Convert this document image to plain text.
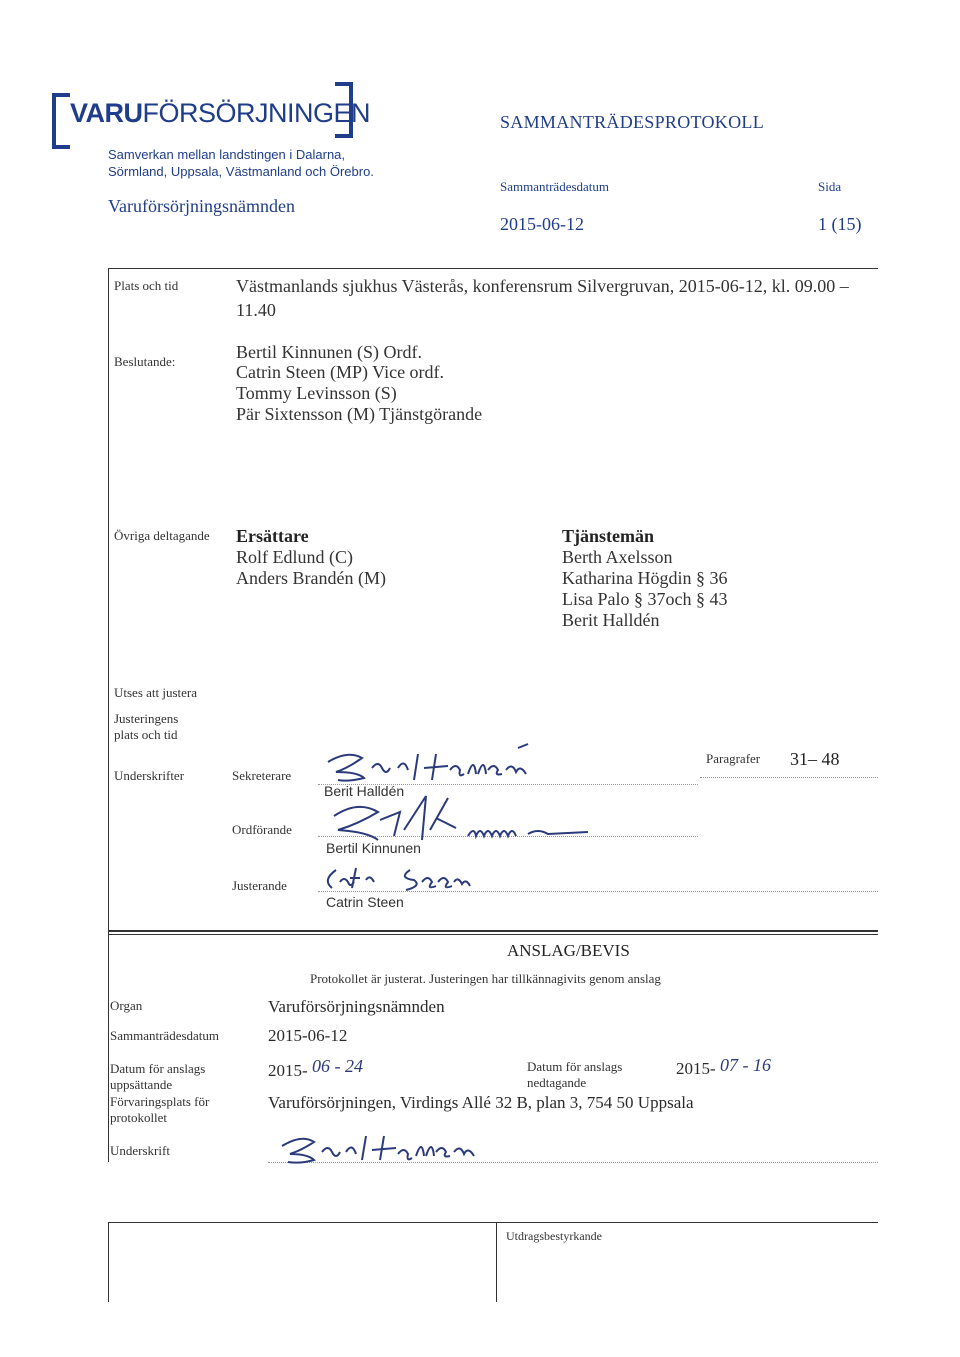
VARUFÖRSÖRJNINGEN
Samverkan mellan landstingen i Dalarna,
Sörmland, Uppsala, Västmanland och Örebro.
Varuförsörjningsnämnden
SAMMANTRÄDESPROTOKOLL
Sammanträdesdatum
2015-06-12
Sida
1 (15)
Plats och tid	Västmanlands sjukhus Västerås, konferensrum Silvergruvan, 2015-06-12, kl. 09.00 –
11.40
Beslutande:	Bertil Kinnunen (S) Ordf.
Catrin Steen (MP) Vice ordf.
Tommy Levinsson (S)
Pär Sixtensson (M) Tjänstgörande
Övriga deltagande Ersättare
Rolf Edlund (C)
Anders Brandén (M)
Tjänstemän
Berth Axelsson
Katharina Högdin § 36
Lisa Palo § 37och § 43
Berit Halldén
Utses att justera
Justeringens
plats och tid
Underskrifter
Paragrafer 31– 48
Sekreterare
Berit Halldén
Ordförande
Bertil Kinnunen
Justerande
Catrin Steen
ANSLAG/BEVIS
Protokollet är justerat. Justeringen har tillkännagivits genom anslag
Organ	Varuförsörjningsnämnden
Sammanträdesdatum	2015-06-12
Datum för anslags
uppsättande
2015- 06 - 24	Datum för anslags
nedtagande
2015- 07 - 16
Förvaringsplats för
protokollet
Varuförsörjningen, Virdings Allé 32 B, plan 3, 754 50 Uppsala
Underskrift
Utdragsbestyrkande
